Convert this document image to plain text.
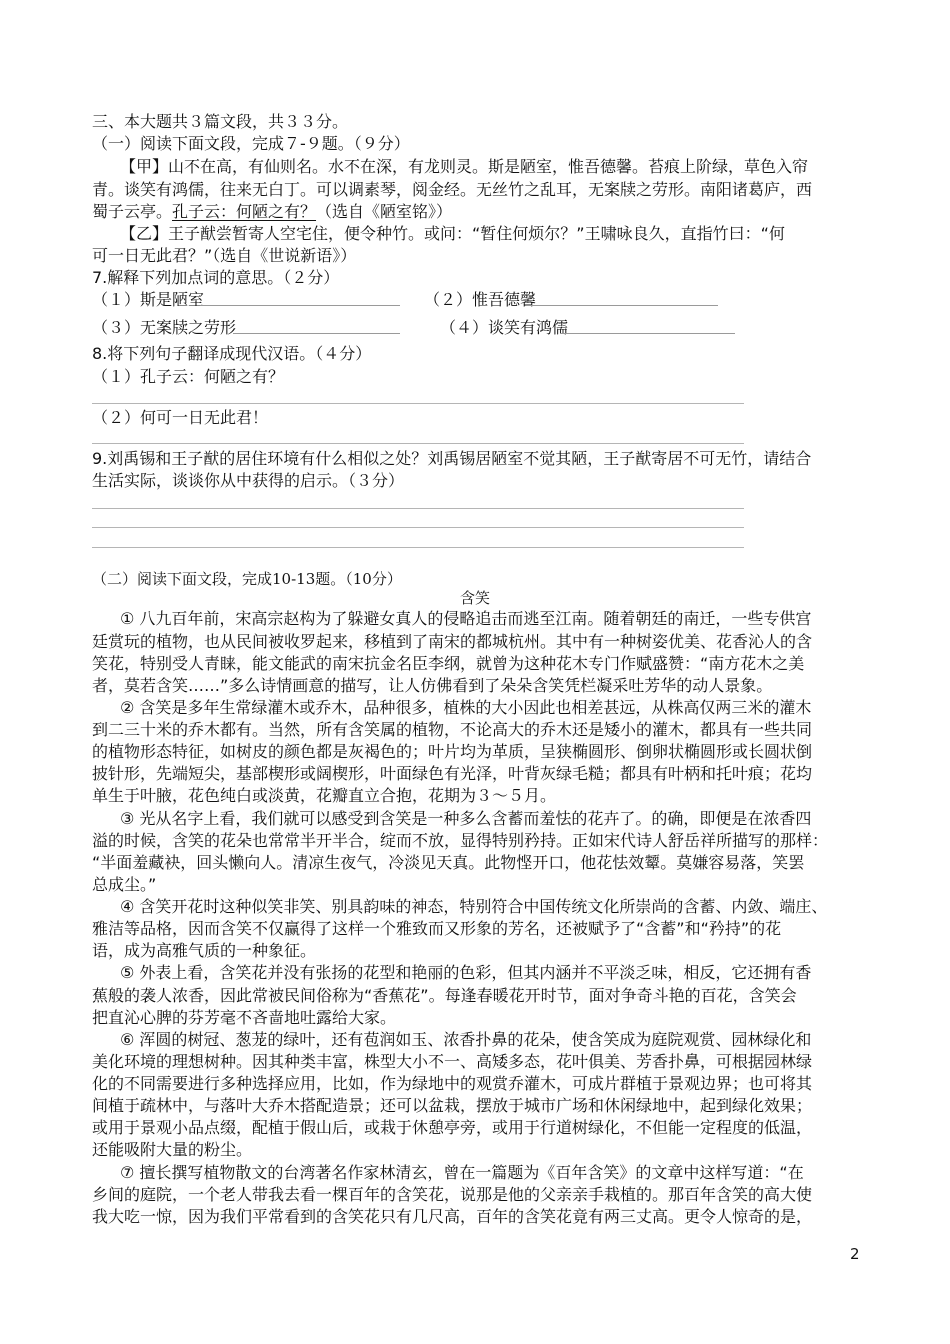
三、本大题共３篇文段，共３３分。
（一）阅读下面文段，完成７-９题。（９分）
【甲】山不在高，有仙则名。水不在深，有龙则灵。斯是陋室，惟吾德馨。苔痕上阶绿，草色入帘
青。谈笑有鸿儒，往来无白丁。可以调素琴，阅金经。无丝竹之乱耳，无案牍之劳形。南阳诸葛庐，西
蜀子云亭。孔子云：何陋之有？（选自《陋室铭》）
【乙】王子猷尝暂寄人空宅住，便令种竹。或问：“暂住何烦尔？”王啸咏良久，直指竹曰：“何
可一日无此君？”（选自《世说新语》）
7.解释下列加点词的意思。（２分）
（１）斯是陋室	（２）惟吾德馨
（３）无案牍之劳形	（４）谈笑有鸿儒
8.将下列句子翻译成现代汉语。（４分）
（１）孔子云：何陋之有？
（２）何可一日无此君！
9.刘禹锡和王子猷的居住环境有什么相似之处？刘禹锡居陋室不觉其陋，王子猷寄居不可无竹，请结合
生活实际，谈谈你从中获得的启示。（３分）
（二）阅读下面文段，完成10-13题。（10分）
含笑
① 八九百年前，宋高宗赵构为了躲避女真人的侵略追击而逃至江南。随着朝廷的南迁，一些专供宫
廷赏玩的植物，也从民间被收罗起来，移植到了南宋的都城杭州。其中有一种树姿优美、花香沁人的含
笑花，特别受人青睐，能文能武的南宋抗金名臣李纲，就曾为这种花木专门作赋盛赞：“南方花木之美
者，莫若含笑……”多么诗情画意的描写，让人仿佛看到了朵朵含笑凭栏凝采吐芳华的动人景象。
② 含笑是多年生常绿灌木或乔木，品种很多，植株的大小因此也相差甚远，从株高仅两三米的灌木
到二三十米的乔木都有。当然，所有含笑属的植物，不论高大的乔木还是矮小的灌木，都具有一些共同
的植物形态特征，如树皮的颜色都是灰褐色的；叶片均为革质，呈狭椭圆形、倒卵状椭圆形或长圆状倒
披针形，先端短尖，基部楔形或阔楔形，叶面绿色有光泽，叶背灰绿毛糙；都具有叶柄和托叶痕；花均
单生于叶腋，花色纯白或淡黄，花瓣直立合抱，花期为３～５月。
③ 光从名字上看，我们就可以感受到含笑是一种多么含蓄而羞怯的花卉了。的确，即便是在浓香四
溢的时候，含笑的花朵也常常半开半合，绽而不放，显得特别矜持。正如宋代诗人舒岳祥所描写的那样：
“半面羞藏袂，回头懒向人。清凉生夜气，冷淡见天真。此物悭开口，他花怯效颦。莫嫌容易落，笑罢
总成尘。”
④ 含笑开花时这种似笑非笑、别具韵味的神态，特别符合中国传统文化所崇尚的含蓄、内敛、端庄、
雅洁等品格，因而含笑不仅赢得了这样一个雅致而又形象的芳名，还被赋予了“含蓄”和“矜持”的花
语，成为高雅气质的一种象征。
⑤ 外表上看，含笑花并没有张扬的花型和艳丽的色彩，但其内涵并不平淡乏味，相反，它还拥有香
蕉般的袭人浓香，因此常被民间俗称为“香蕉花”。每逢春暖花开时节，面对争奇斗艳的百花，含笑会
把直沁心脾的芬芳毫不吝啬地吐露给大家。
⑥ 浑圆的树冠、葱茏的绿叶，还有苞润如玉、浓香扑鼻的花朵，使含笑成为庭院观赏、园林绿化和
美化环境的理想树种。因其种类丰富，株型大小不一、高矮多态，花叶俱美、芳香扑鼻，可根据园林绿
化的不同需要进行多种选择应用，比如，作为绿地中的观赏乔灌木，可成片群植于景观边界；也可将其
间植于疏林中，与落叶大乔木搭配造景；还可以盆栽，摆放于城市广场和休闲绿地中，起到绿化效果；
或用于景观小品点缀，配植于假山后，或栽于休憩亭旁，或用于行道树绿化，不但能一定程度的低温，
还能吸附大量的粉尘。
⑦ 擅长撰写植物散文的台湾著名作家林清玄，曾在一篇题为《百年含笑》的文章中这样写道：“在
乡间的庭院，一个老人带我去看一棵百年的含笑花，说那是他的父亲亲手栽植的。那百年含笑的高大使
我大吃一惊，因为我们平常看到的含笑花只有几尺高，百年的含笑花竟有两三丈高。更令人惊奇的是，
2
